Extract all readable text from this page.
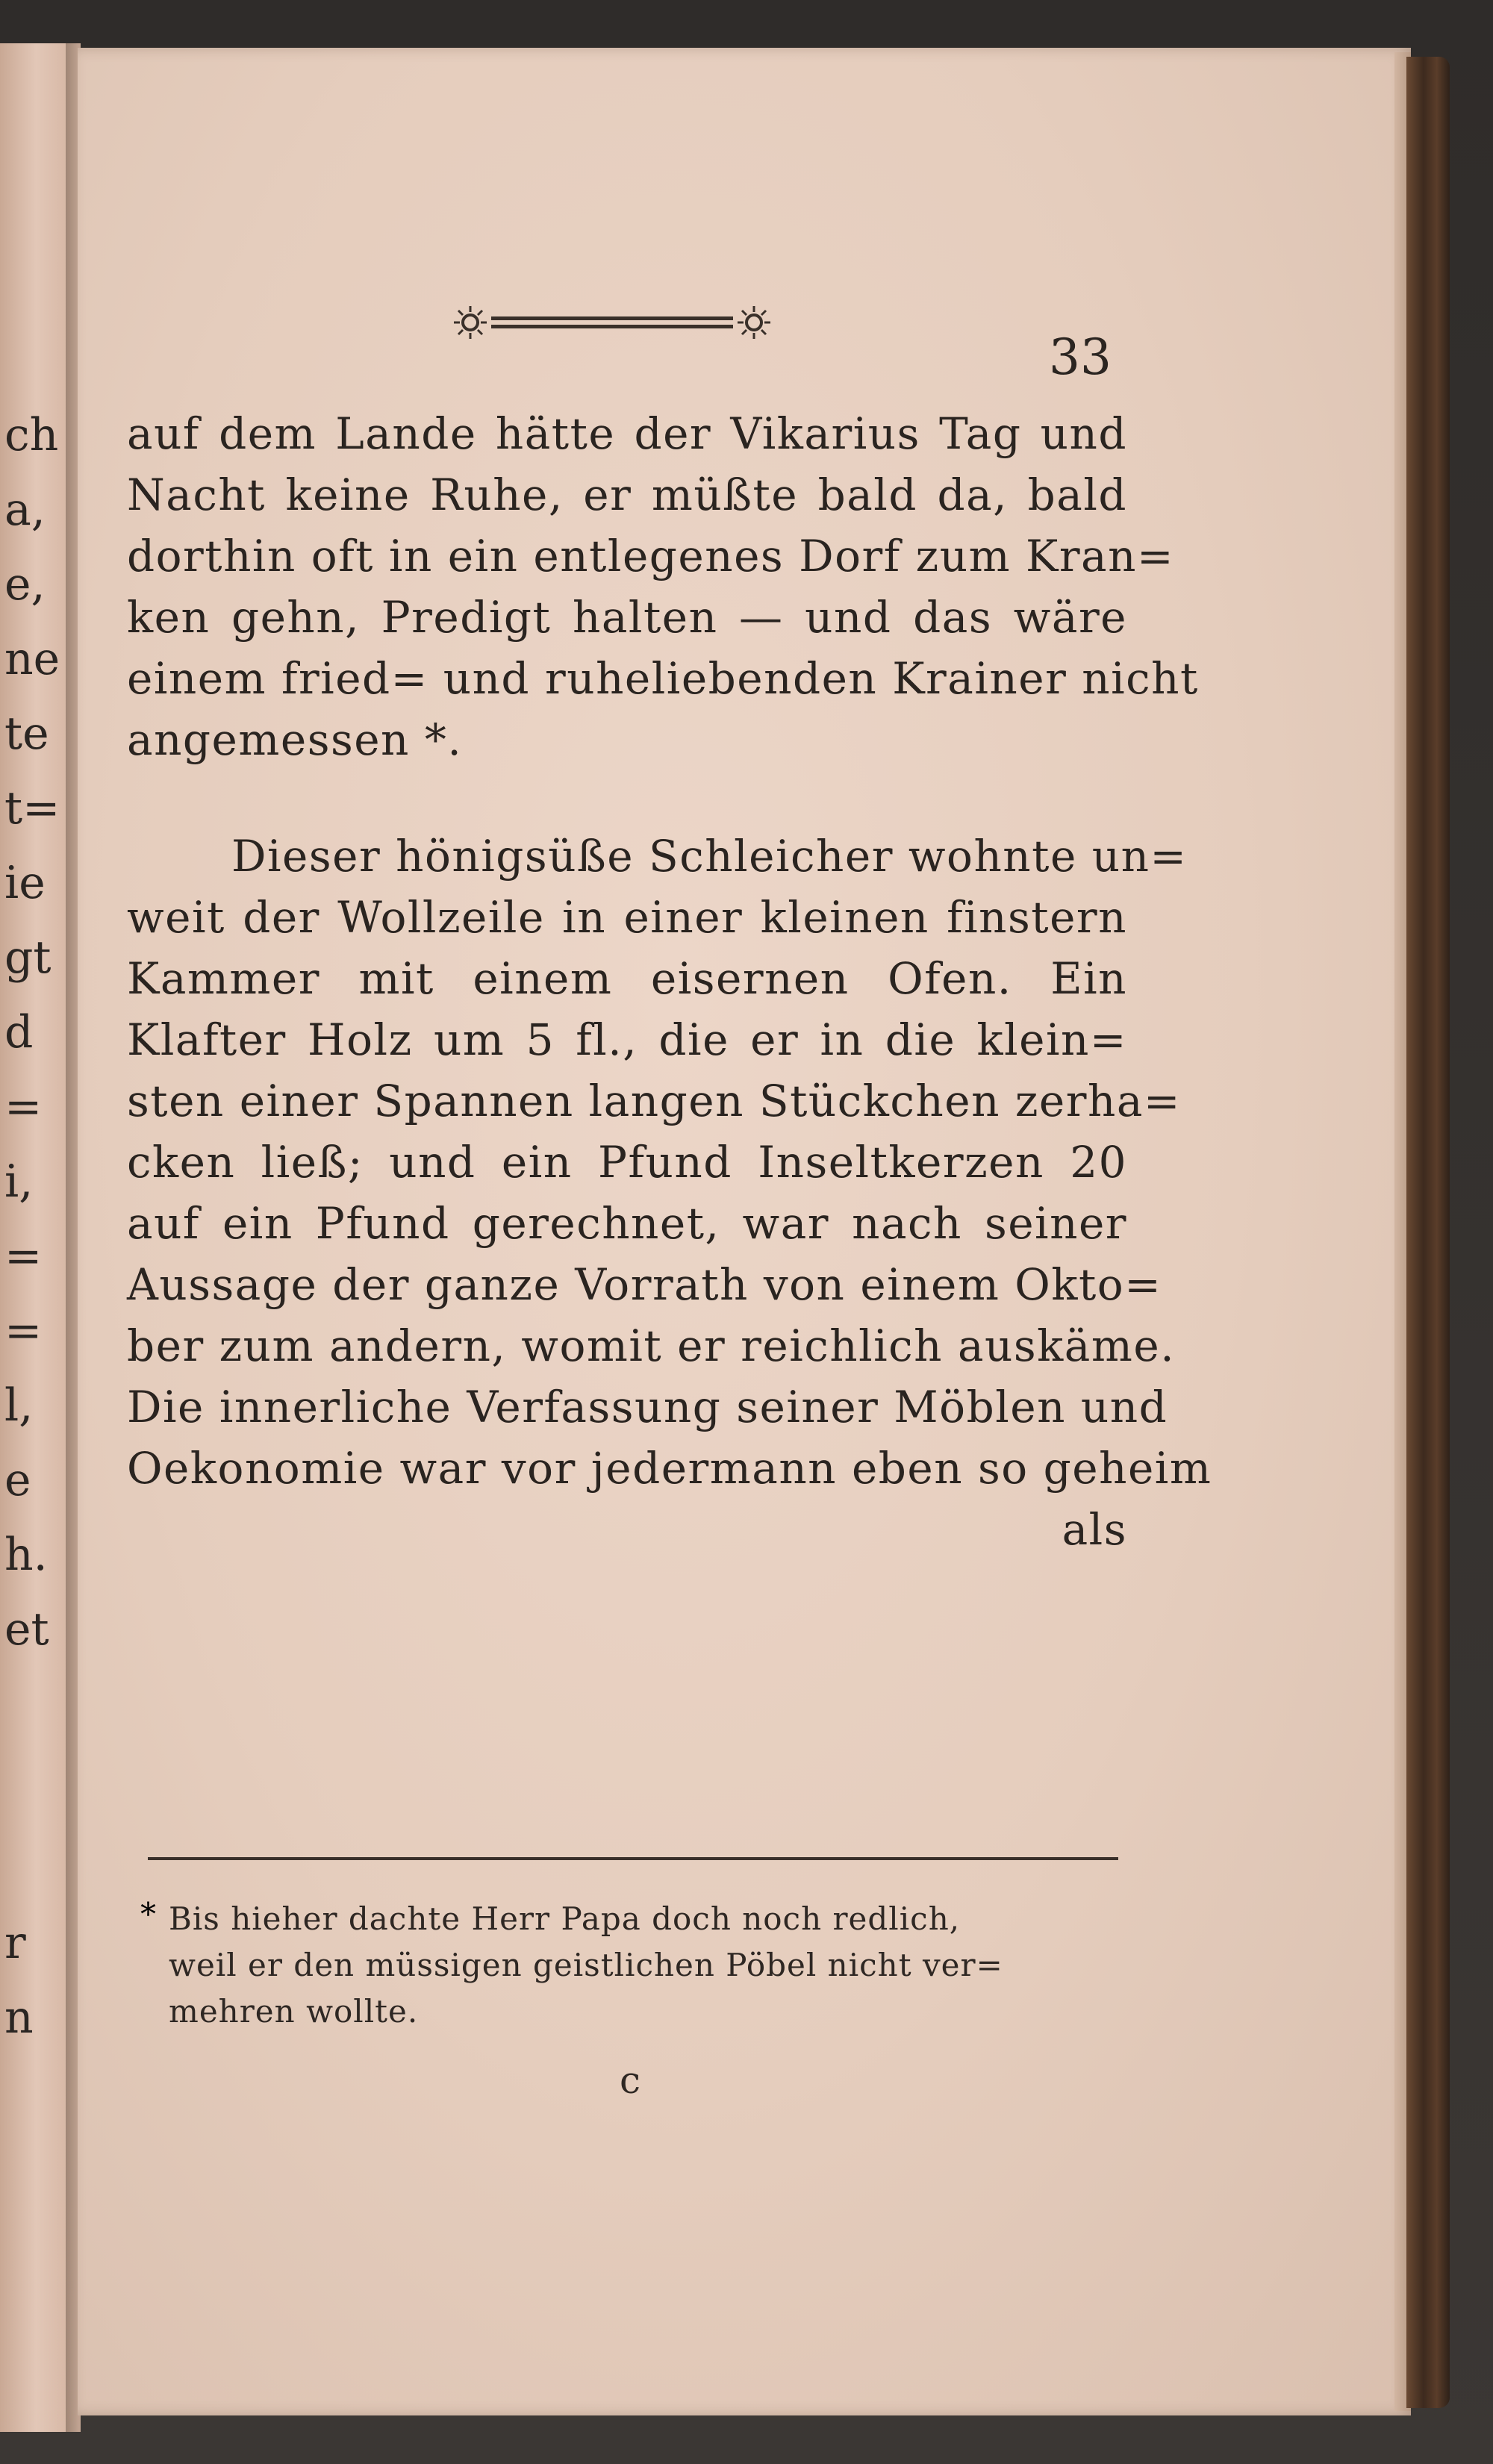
ch
a,
e,
ne
te
t=
ie
gt
d
=
i,
=
=
l,
e
h.
et
r
n
33
auf dem Lande hätte der Vikarius Tag und
Nacht keine Ruhe, er müßte bald da, bald
dorthin oft in ein entlegenes Dorf zum Kran=
ken gehn, Predigt halten — und das wäre
einem fried= und ruheliebenden Krainer nicht
angemessen *.
Dieser hönigsüße Schleicher wohnte un=
weit der Wollzeile in einer kleinen finstern
Kammer mit einem eisernen Ofen. Ein
Klafter Holz um 5 fl., die er in die klein=
sten einer Spannen langen Stückchen zerha=
cken ließ; und ein Pfund Inseltkerzen 20
auf ein Pfund gerechnet, war nach seiner
Aussage der ganze Vorrath von einem Okto=
ber zum andern, womit er reichlich auskäme.
Die innerliche Verfassung seiner Möblen und
Oekonomie war vor jedermann eben so geheim
als
* Bis hieher dachte Herr Papa doch noch redlich,
weil er den müssigen geistlichen Pöbel nicht ver=
mehren wollte.
c
